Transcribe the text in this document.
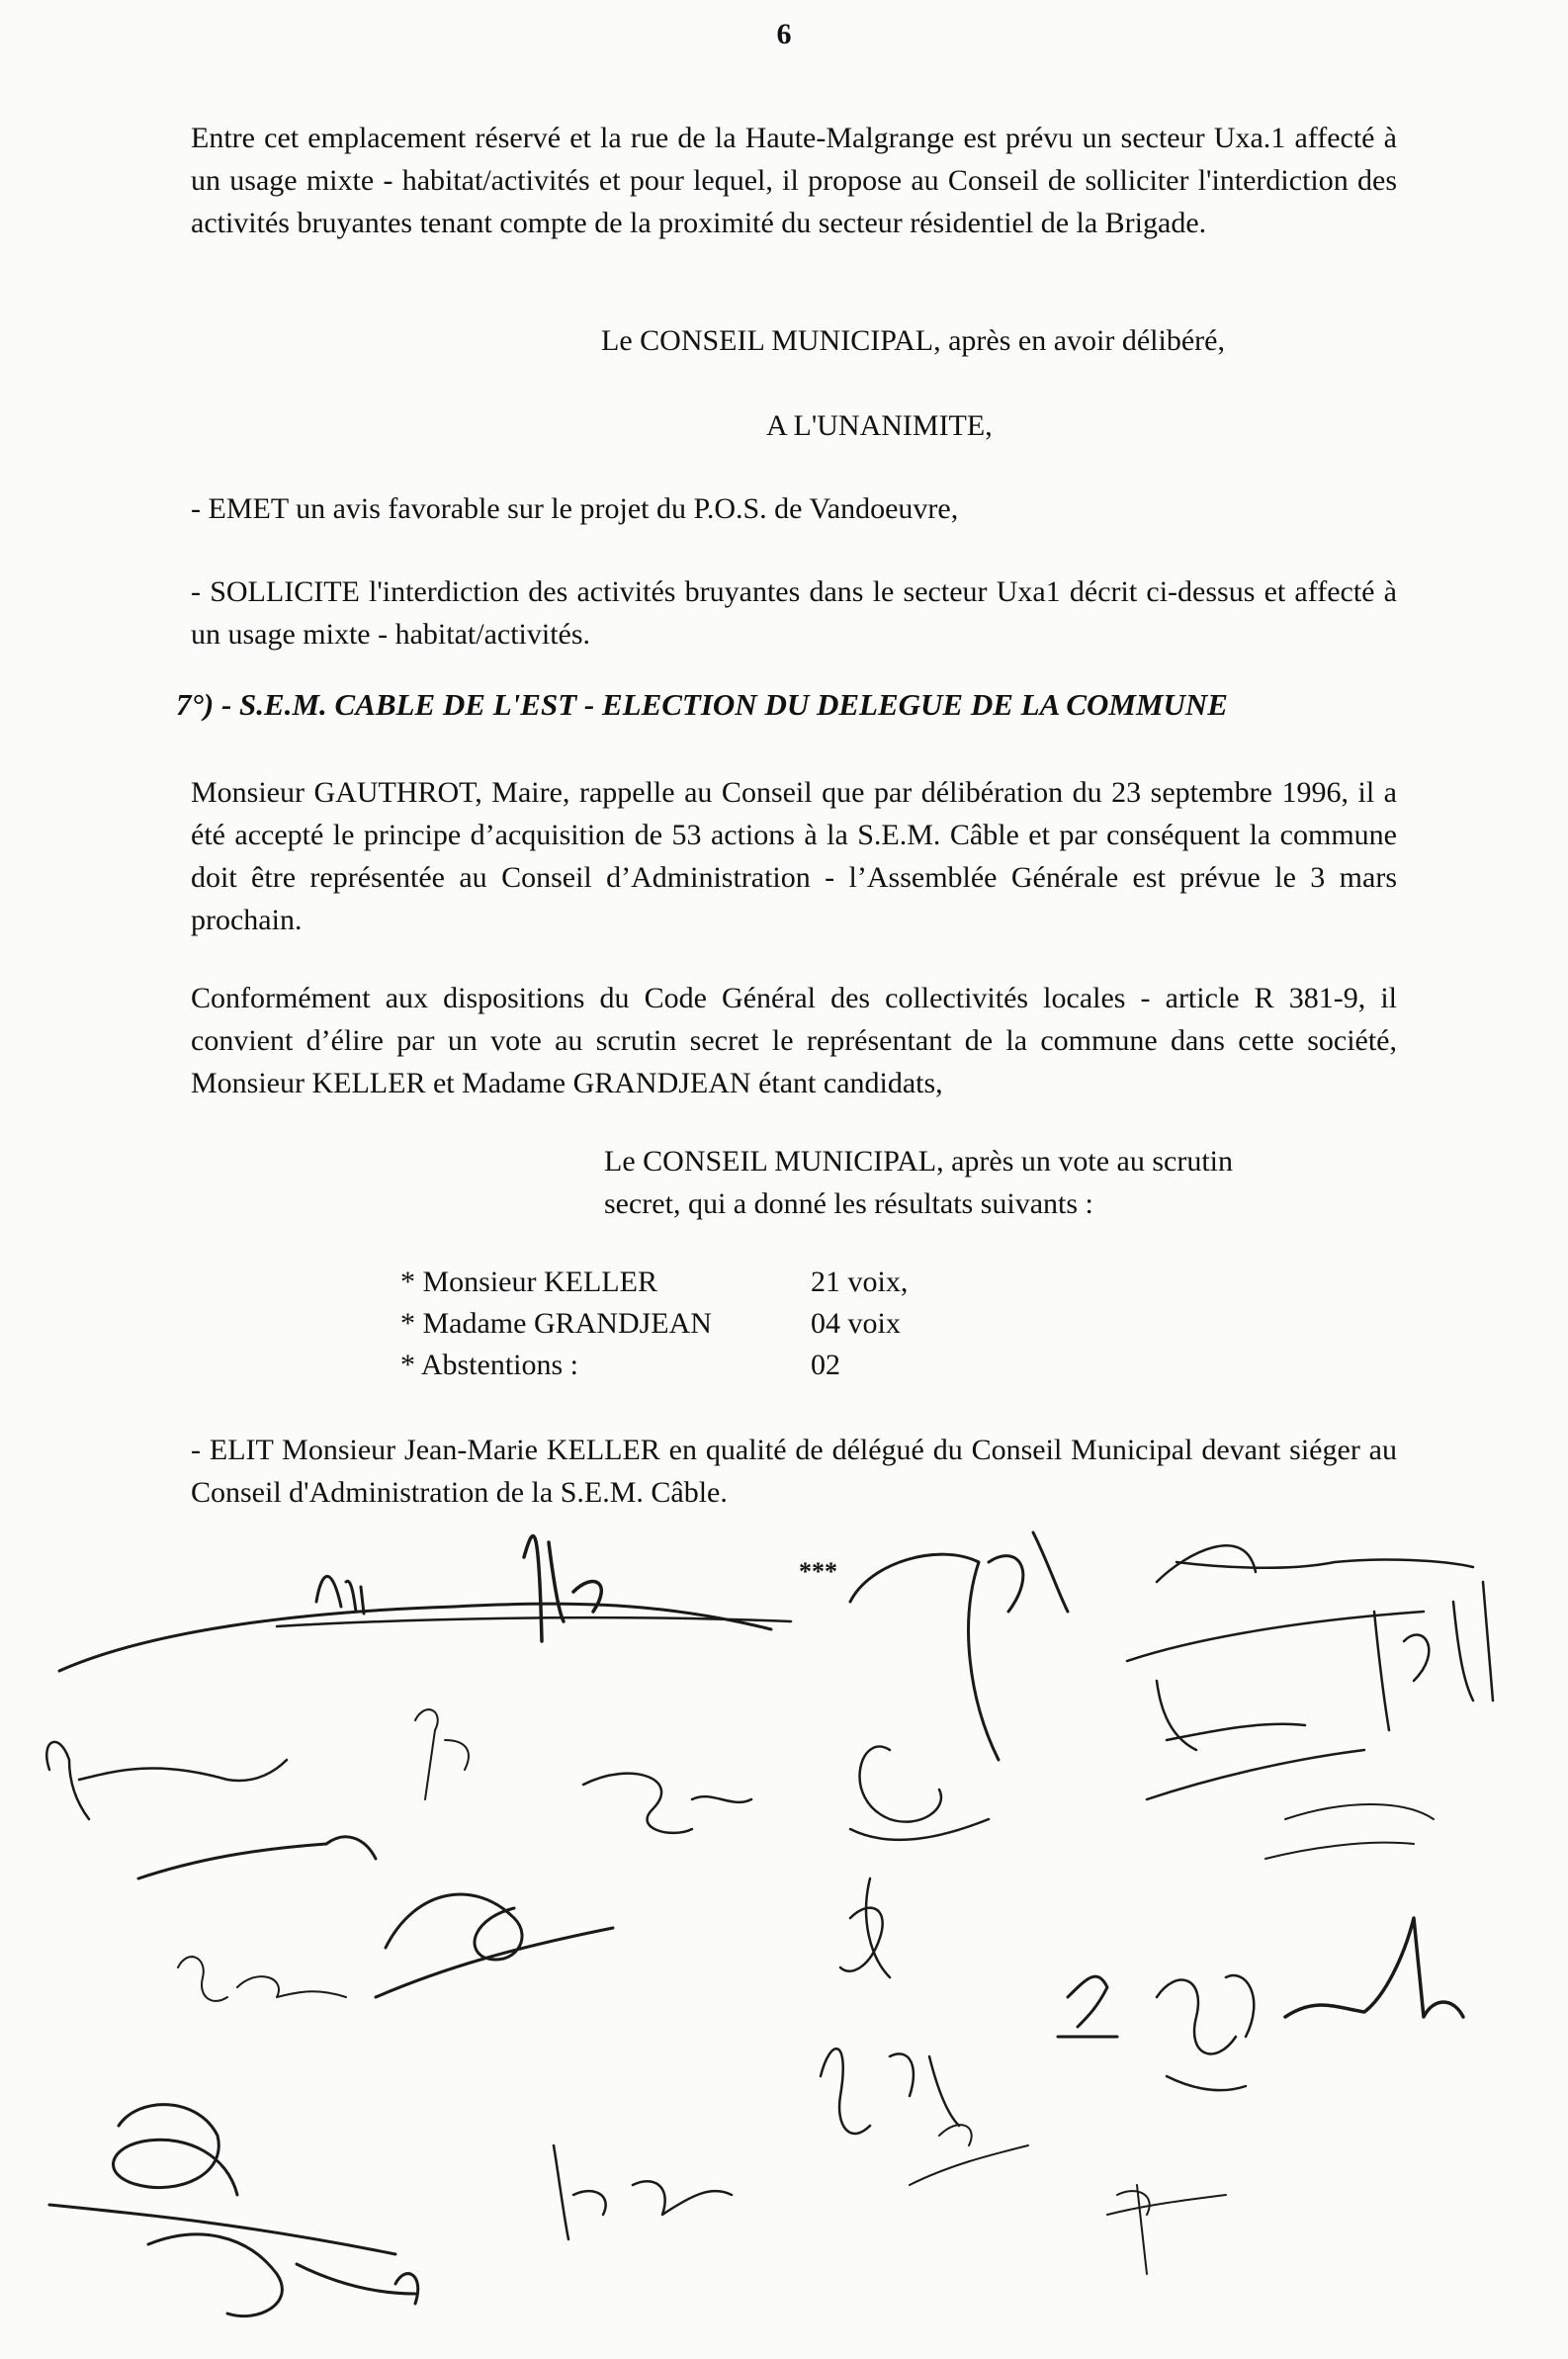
6

Entre cet emplacement réservé et la rue de la Haute-Malgrange est prévu un secteur Uxa.1 affecté à un usage mixte - habitat/activités et pour lequel, il propose au Conseil de solliciter l'interdiction des activités bruyantes tenant compte de la proximité du secteur résidentiel de la Brigade.

Le CONSEIL MUNICIPAL, après en avoir délibéré,
A L'UNANIMITE,

- EMET un avis favorable sur le projet du P.O.S. de Vandoeuvre,

- SOLLICITE l'interdiction des activités bruyantes dans le secteur Uxa1 décrit ci-dessus et affecté à un usage mixte - habitat/activités.

7°) - S.E.M. CABLE DE L'EST - ELECTION DU DELEGUE DE LA COMMUNE

Monsieur GAUTHROT, Maire, rappelle au Conseil que par délibération du 23 septembre 1996, il a été accepté le principe d’acquisition de 53 actions à la S.E.M. Câble et par conséquent la commune doit être représentée au Conseil d’Administration - l’Assemblée Générale est prévue le 3 mars prochain.

Conformément aux dispositions du Code Général des collectivités locales - article R 381-9, il convient d’élire par un vote au scrutin secret le représentant de la commune dans cette société, Monsieur KELLER et Madame GRANDJEAN étant candidats,

Le CONSEIL MUNICIPAL, après un vote au scrutin
secret, qui a donné les résultats suivants :
* Monsieur KELLER	21 voix,
* Madame GRANDJEAN	04 voix
* Abstentions :	02

- ELIT Monsieur Jean-Marie KELLER en qualité de délégué du Conseil Municipal devant siéger au Conseil d'Administration de la S.E.M. Câble.

***
